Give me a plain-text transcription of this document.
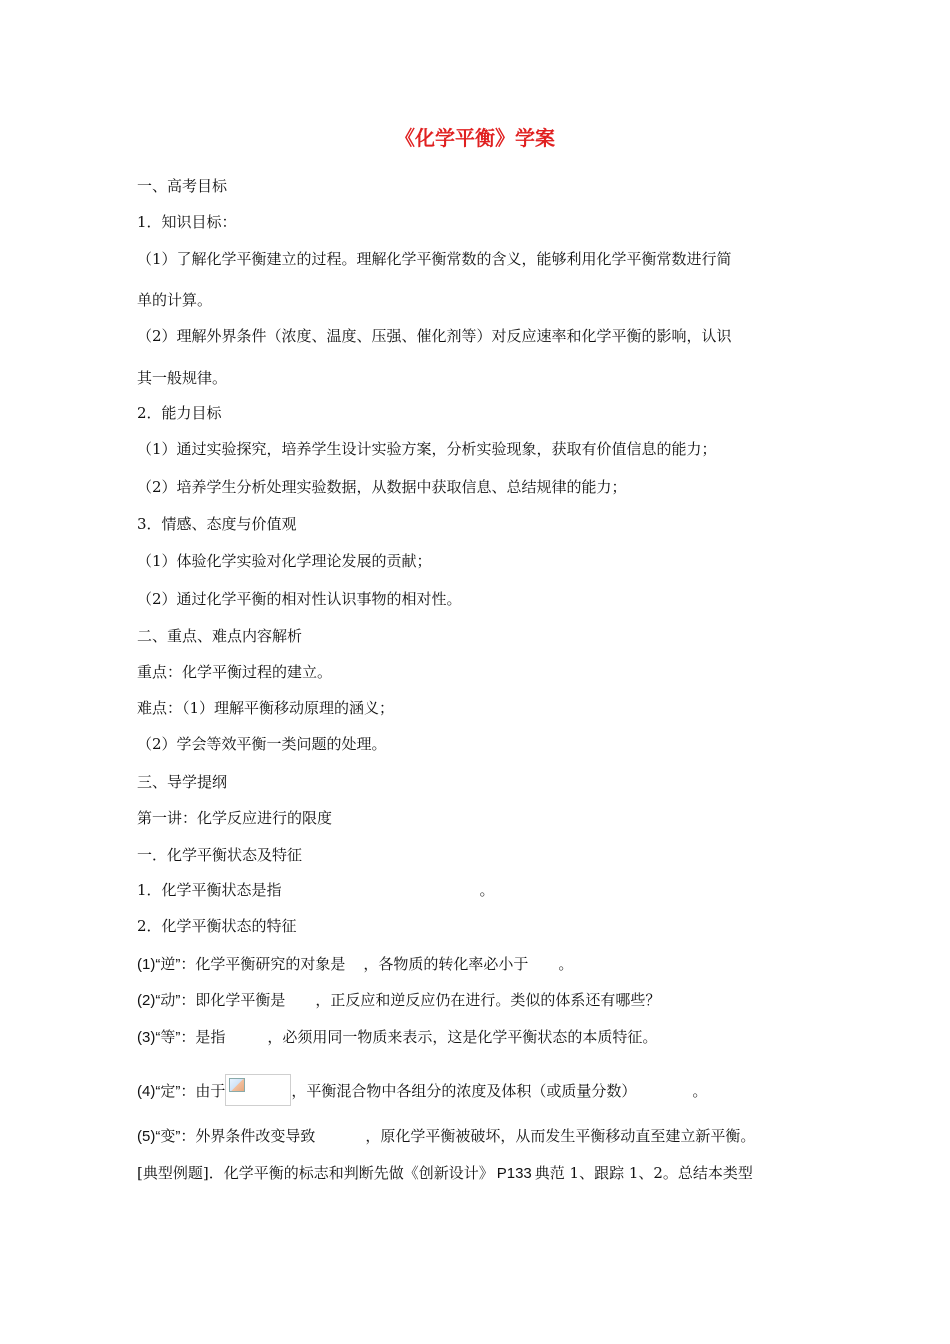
《化学平衡》学案
一、高考目标
1．知识目标：
（1）了解化学平衡建立的过程。理解化学平衡常数的含义，能够利用化学平衡常数进行简
单的计算。
（2）理解外界条件（浓度、温度、压强、催化剂等）对反应速率和化学平衡的影响，认识
其一般规律。
2．能力目标
（1）通过实验探究，培养学生设计实验方案，分析实验现象，获取有价值信息的能力；
（2）培养学生分析处理实验数据，从数据中获取信息、总结规律的能力；
3．情感、态度与价值观
（1）体验化学实验对化学理论发展的贡献；
（2）通过化学平衡的相对性认识事物的相对性。
二、重点、难点内容解析
重点：化学平衡过程的建立。
难点：（1）理解平衡移动原理的涵义；
（2）学会等效平衡一类问题的处理。
三、导学提纲
第一讲：化学反应进行的限度
一．化学平衡状态及特征
1．化学平衡状态是指	。
2．化学平衡状态的特征
(1)“逆”：化学平衡研究的对象是 ，各物质的转化率必小于 。
(2)“动”：即化学平衡是 ，正反应和逆反应仍在进行。类似的体系还有哪些？
(3)“等”：是指	，必须用同一物质来表示，这是化学平衡状态的本质特征。
(4)“定”：由于	，平衡混合物中各组分的浓度及体积（或质量分数）	。
(5)“变”：外界条件改变导致	，原化学平衡被破坏，从而发生平衡移动直至建立新平衡。
[典型例题]．化学平衡的标志和判断先做《创新设计》 P133 典范 1、跟踪 1、2。总结本类型
